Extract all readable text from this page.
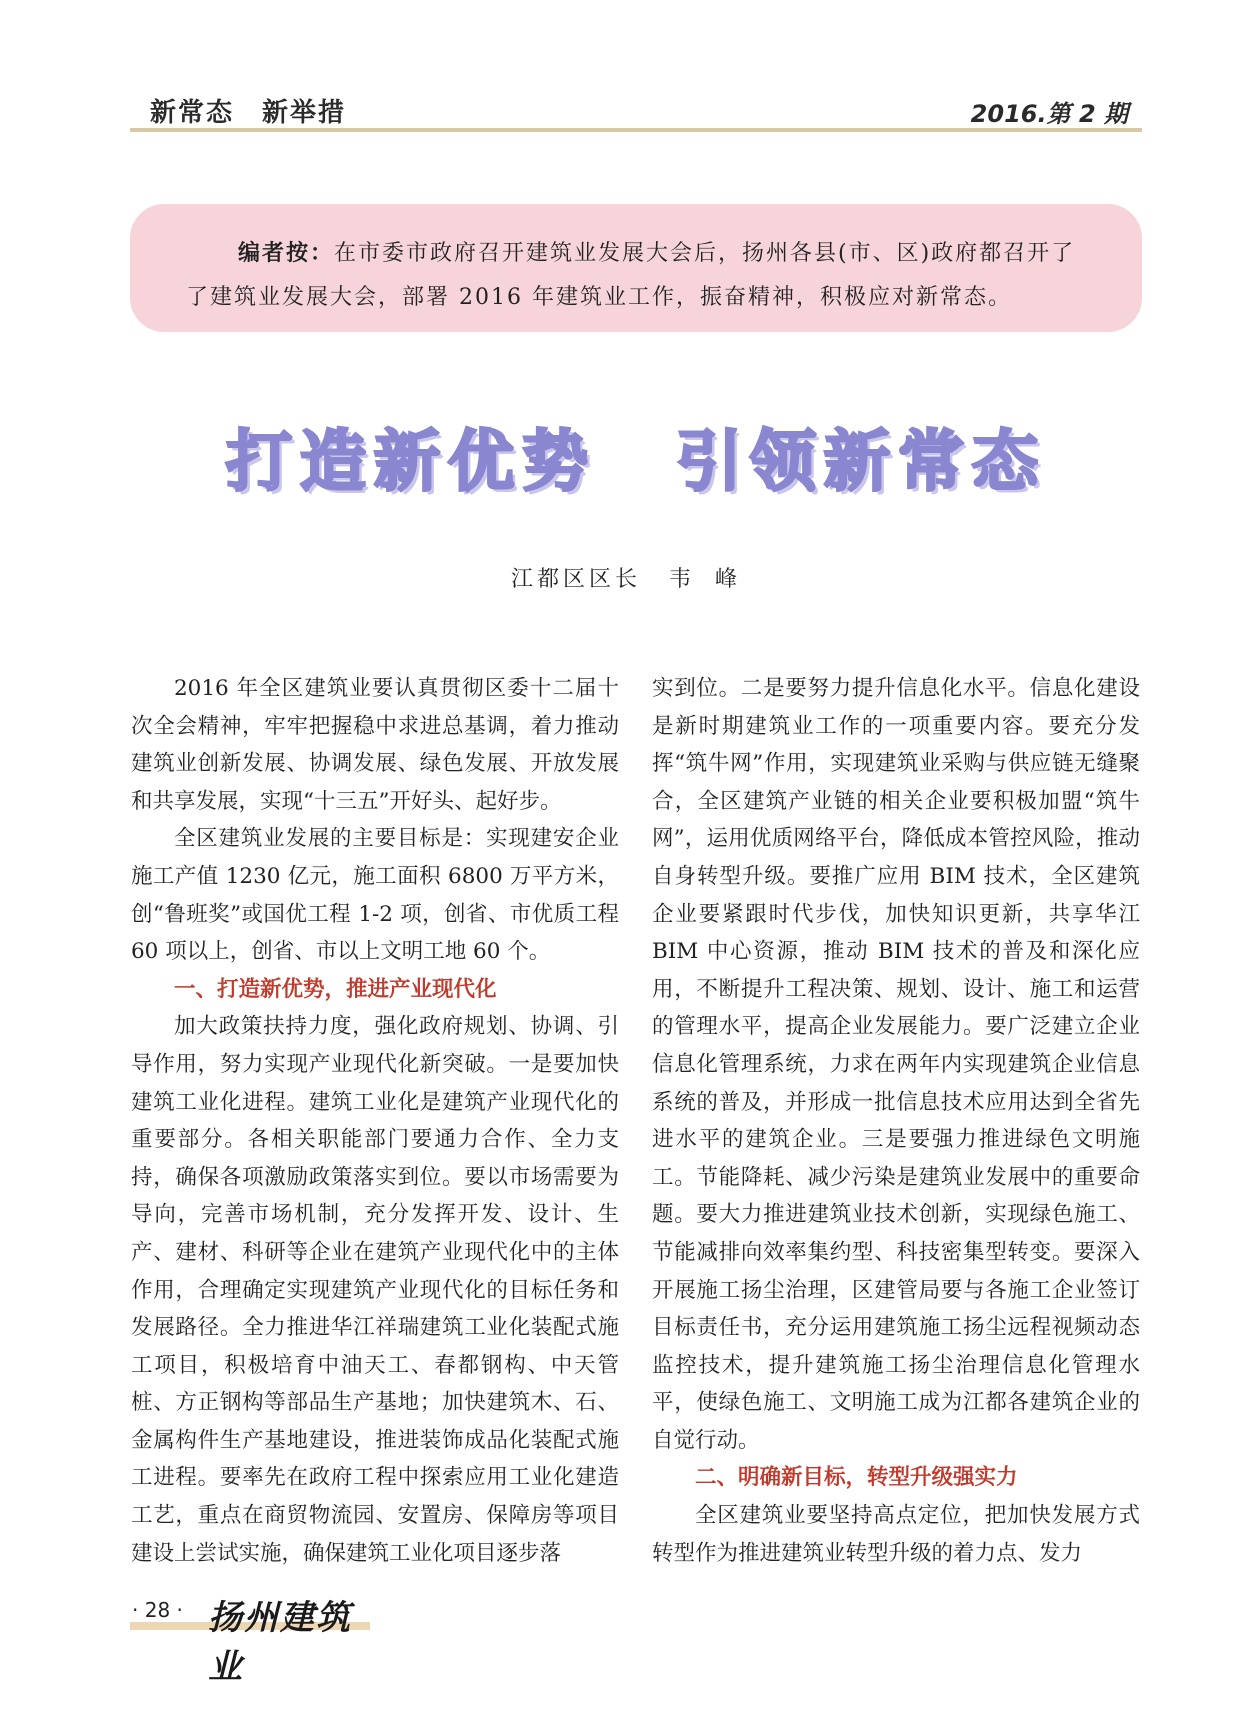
新常态 新举措	2016.第 2 期
编者按：在市委市政府召开建筑业发展大会后，扬州各县(市、区)政府都召开了了建筑业发展大会，部署 2016 年建筑业工作，振奋精神，积极应对新常态。
打造新优势 引领新常态
江都区区长 韦峰

2016 年全区建筑业要认真贯彻区委十二届十次全会精神，牢牢把握稳中求进总基调，着力推动建筑业创新发展、协调发展、绿色发展、开放发展和共享发展，实现“十三五”开好头、起好步。

全区建筑业发展的主要目标是：实现建安企业施工产值 1230 亿元，施工面积 6800 万平方米，创“鲁班奖”或国优工程 1-2 项，创省、市优质工程 60 项以上，创省、市以上文明工地 60 个。

一、打造新优势，推进产业现代化

加大政策扶持力度，强化政府规划、协调、引导作用，努力实现产业现代化新突破。一是要加快建筑工业化进程。建筑工业化是建筑产业现代化的重要部分。各相关职能部门要通力合作、全力支持，确保各项激励政策落实到位。要以市场需要为导向，完善市场机制，充分发挥开发、设计、生产、建材、科研等企业在建筑产业现代化中的主体作用，合理确定实现建筑产业现代化的目标任务和发展路径。全力推进华江祥瑞建筑工业化装配式施工项目，积极培育中油天工、春都钢构、中天管桩、方正钢构等部品生产基地；加快建筑木、石、金属构件生产基地建设，推进装饰成品化装配式施工进程。要率先在政府工程中探索应用工业化建造工艺，重点在商贸物流园、安置房、保障房等项目建设上尝试实施，确保建筑工业化项目逐步落

实到位。二是要努力提升信息化水平。信息化建设是新时期建筑业工作的一项重要内容。要充分发挥“筑牛网”作用，实现建筑业采购与供应链无缝聚合，全区建筑产业链的相关企业要积极加盟“筑牛网”，运用优质网络平台，降低成本管控风险，推动自身转型升级。要推广应用 BIM 技术，全区建筑企业要紧跟时代步伐，加快知识更新，共享华江 BIM 中心资源，推动 BIM 技术的普及和深化应用，不断提升工程决策、规划、设计、施工和运营的管理水平，提高企业发展能力。要广泛建立企业信息化管理系统，力求在两年内实现建筑企业信息系统的普及，并形成一批信息技术应用达到全省先进水平的建筑企业。三是要强力推进绿色文明施工。节能降耗、减少污染是建筑业发展中的重要命题。要大力推进建筑业技术创新，实现绿色施工、节能减排向效率集约型、科技密集型转变。要深入开展施工扬尘治理，区建管局要与各施工企业签订目标责任书，充分运用建筑施工扬尘远程视频动态监控技术，提升建筑施工扬尘治理信息化管理水平，使绿色施工、文明施工成为江都各建筑企业的自觉行动。

二、明确新目标，转型升级强实力

全区建筑业要坚持高点定位，把加快发展方式转型作为推进建筑业转型升级的着力点、发力

· 28 · 扬州建筑业
